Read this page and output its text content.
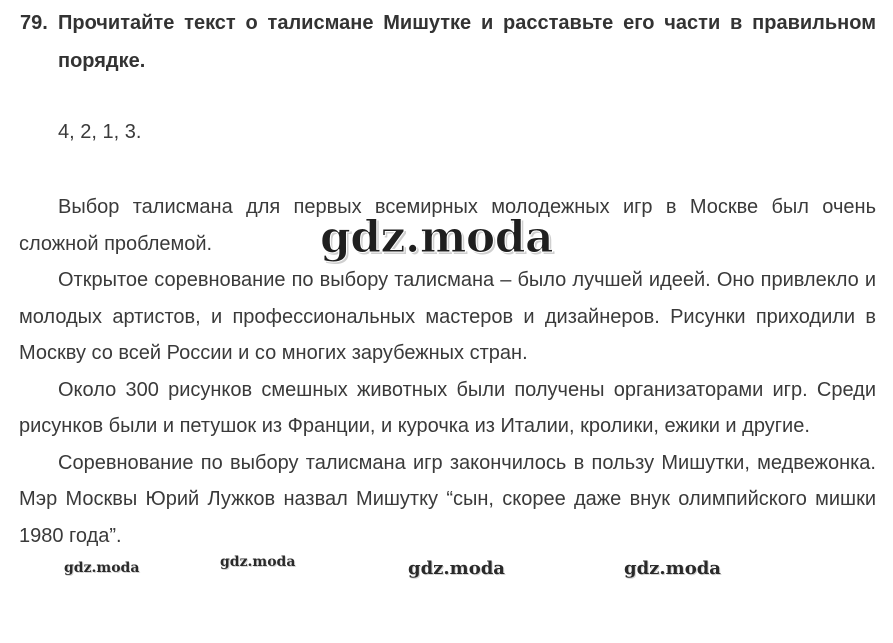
79. Прочитайте текст о талисмане Мишутке и расставьте его части в правильном порядке.
4, 2, 1, 3.

Выбор талисмана для первых всемирных молодежных игр в Москве был очень сложной проблемой.

Открытое соревнование по выбору талисмана – было лучшей идеей. Оно привлекло и молодых артистов, и профессиональных мастеров и дизайнеров. Рисунки приходили в Москву со всей России и со многих зарубежных стран.

Около 300 рисунков смешных животных были получены организаторами игр. Среди рисунков были и петушок из Франции, и курочка из Италии, кролики, ежики и другие.

Соревнование по выбору талисмана игр закончилось в пользу Мишутки, медвежонка. Мэр Москвы Юрий Лужков назвал Мишутку “сын, скорее даже внук олимпийского мишки 1980 года”.

gdz.moda
gdz.moda	gdz.moda	gdz.moda	gdz.moda
